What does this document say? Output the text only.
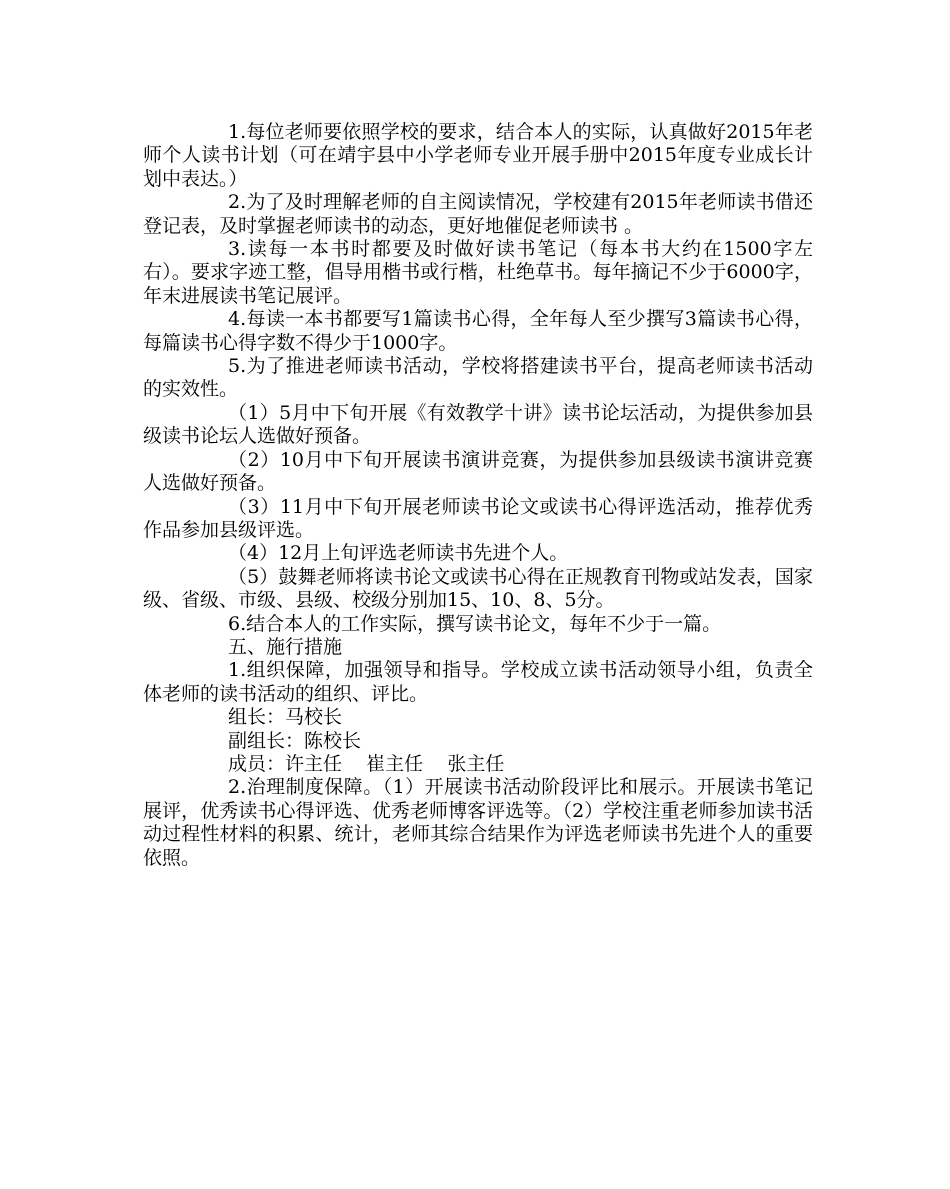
1.每位老师要依照学校的要求，结合本人的实际，认真做好2015年老师个人读书计划（可在靖宇县中小学老师专业开展手册中2015年度专业成长计划中表达。）

2.为了及时理解老师的自主阅读情况，学校建有2015年老师读书借还登记表，及时掌握老师读书的动态，更好地催促老师读书 。

3.读每一本书时都要及时做好读书笔记（每本书大约在1500字左右）。要求字迹工整，倡导用楷书或行楷，杜绝草书。每年摘记不少于6000字，年末进展读书笔记展评。

4.每读一本书都要写1篇读书心得，全年每人至少撰写3篇读书心得，每篇读书心得字数不得少于1000字。

5.为了推进老师读书活动，学校将搭建读书平台，提高老师读书活动的实效性。

（1）5月中下旬开展《有效教学十讲》读书论坛活动，为提供参加县级读书论坛人选做好预备。

（2）10月中下旬开展读书演讲竞赛，为提供参加县级读书演讲竞赛人选做好预备。

（3）11月中下旬开展老师读书论文或读书心得评选活动，推荐优秀作品参加县级评选。

（4）12月上旬评选老师读书先进个人。

（5）鼓舞老师将读书论文或读书心得在正规教育刊物或站发表，国家级、省级、市级、县级、校级分别加15、10、8、5分。

6.结合本人的工作实际，撰写读书论文，每年不少于一篇。

五、施行措施

1.组织保障，加强领导和指导。学校成立读书活动领导小组，负责全体老师的读书活动的组织、评比。

组长：马校长

副组长：陈校长

成员：许主任    崔主任    张主任

2.治理制度保障。（1）开展读书活动阶段评比和展示。开展读书笔记展评，优秀读书心得评选、优秀老师博客评选等。（2）学校注重老师参加读书活动过程性材料的积累、统计，老师其综合结果作为评选老师读书先进个人的重要依照。
